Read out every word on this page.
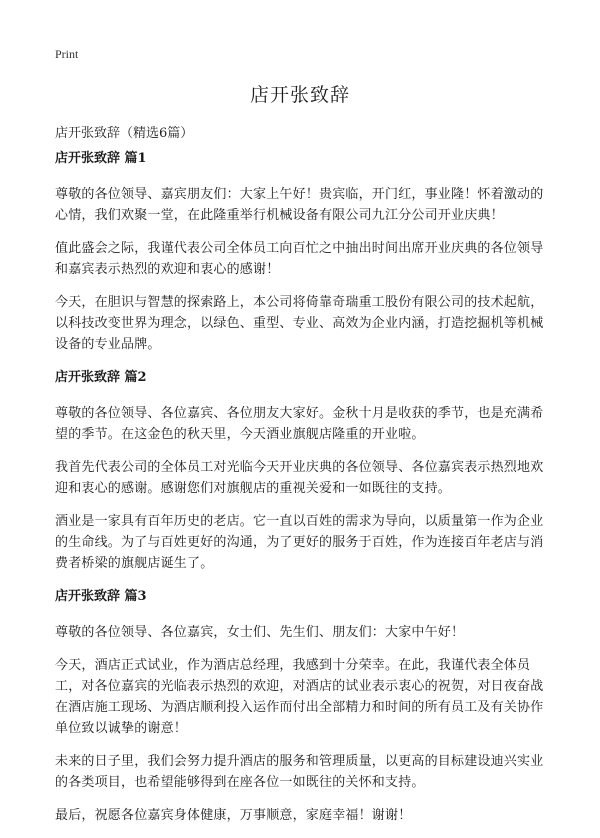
Print
店开张致辞

店开张致辞（精选6篇）

店开张致辞 篇1

尊敬的各位领导、嘉宾朋友们：大家上午好！贵宾临，开门红，事业隆！怀着激动的心情，我们欢聚一堂，在此隆重举行机械设备有限公司九江分公司开业庆典！

值此盛会之际，我谨代表公司全体员工向百忙之中抽出时间出席开业庆典的各位领导和嘉宾表示热烈的欢迎和衷心的感谢！

今天，在胆识与智慧的探索路上，本公司将倚靠奇瑞重工股份有限公司的技术起航，以科技改变世界为理念，以绿色、重型、专业、高效为企业内涵，打造挖掘机等机械设备的专业品牌。

店开张致辞 篇2

尊敬的各位领导、各位嘉宾、各位朋友大家好。金秋十月是收获的季节，也是充满希望的季节。在这金色的秋天里，今天酒业旗舰店隆重的开业啦。

我首先代表公司的全体员工对光临今天开业庆典的各位领导、各位嘉宾表示热烈地欢迎和衷心的感谢。感谢您们对旗舰店的重视关爱和一如既往的支持。

酒业是一家具有百年历史的老店。它一直以百姓的需求为导向，以质量第一作为企业的生命线。为了与百姓更好的沟通，为了更好的服务于百姓，作为连接百年老店与消费者桥梁的旗舰店诞生了。

店开张致辞 篇3

尊敬的各位领导、各位嘉宾，女士们、先生们、朋友们：大家中午好！

今天，酒店正式试业，作为酒店总经理，我感到十分荣幸。在此，我谨代表全体员工，对各位嘉宾的光临表示热烈的欢迎，对酒店的试业表示衷心的祝贺，对日夜奋战在酒店施工现场、为酒店顺利投入运作而付出全部精力和时间的所有员工及有关协作单位致以诚挚的谢意！

未来的日子里，我们会努力提升酒店的服务和管理质量，以更高的目标建设迪兴实业的各类项目，也希望能够得到在座各位一如既往的关怀和支持。

最后，祝愿各位嘉宾身体健康，万事顺意，家庭幸福！谢谢！
